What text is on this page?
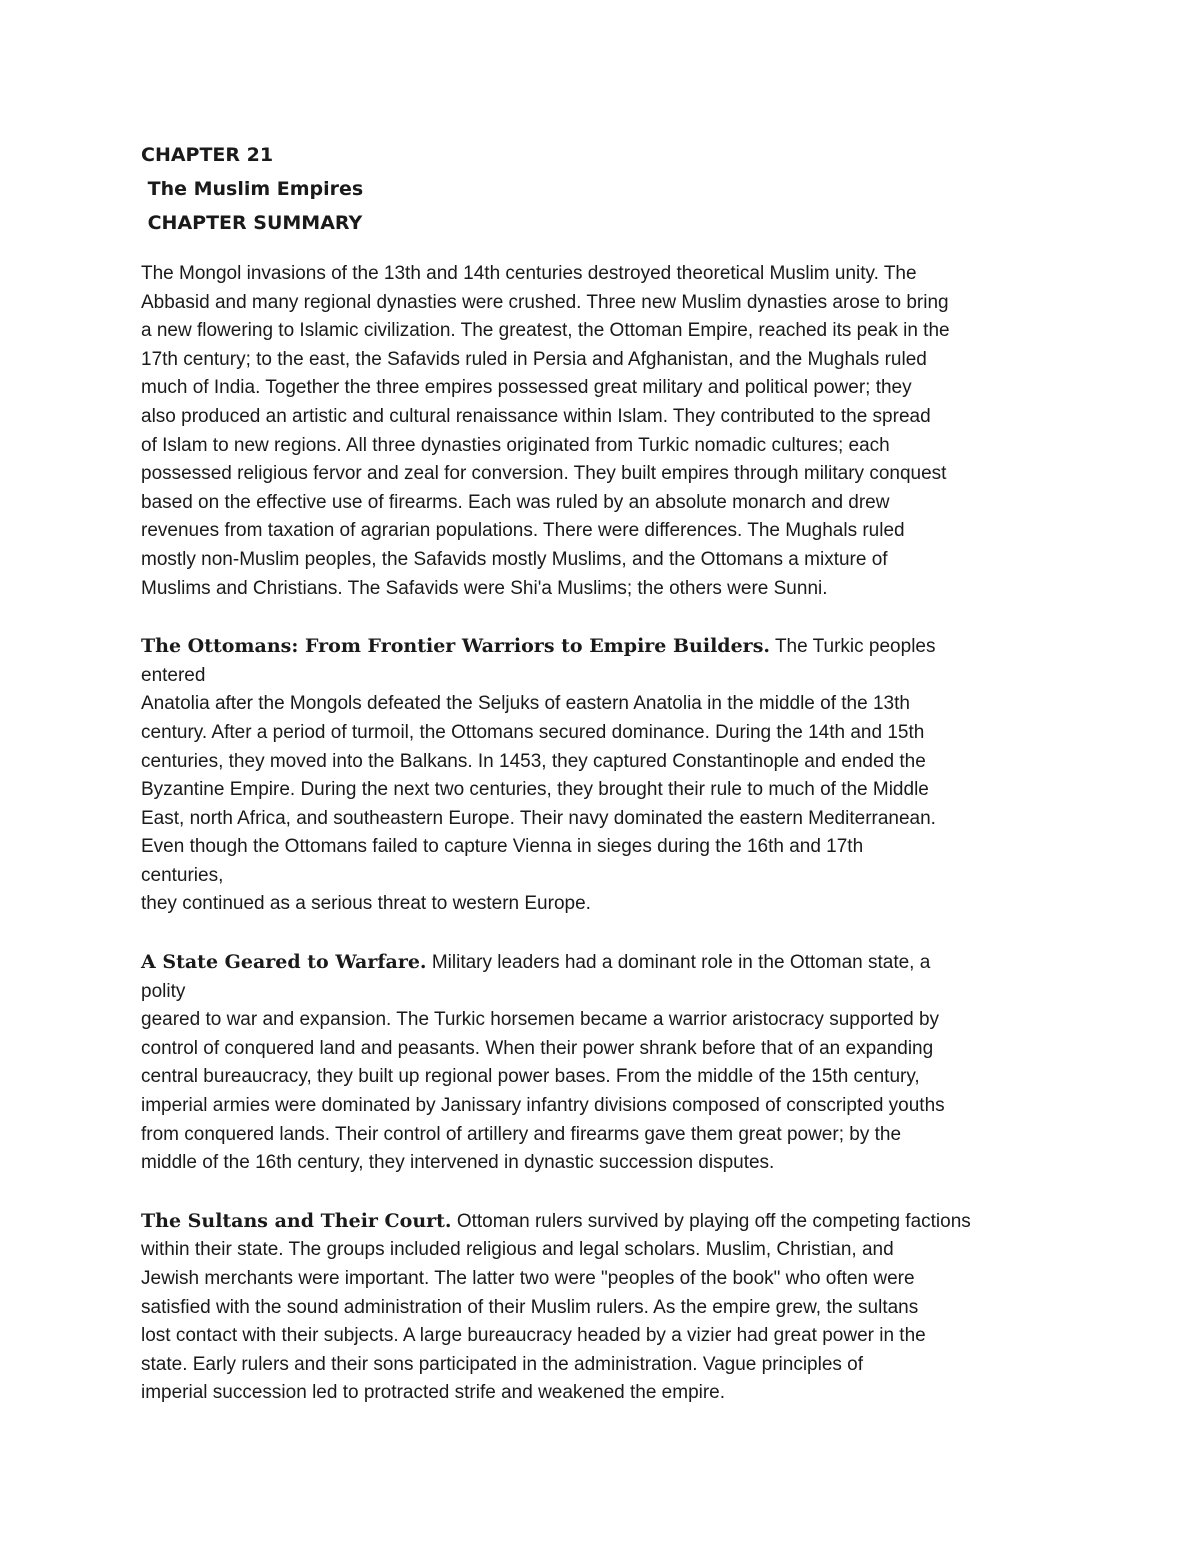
CHAPTER 21

The Muslim Empires

CHAPTER SUMMARY

The Mongol invasions of the 13th and 14th centuries destroyed theoretical Muslim unity. The
Abbasid and many regional dynasties were crushed. Three new Muslim dynasties arose to bring
a new flowering to Islamic civilization. The greatest, the Ottoman Empire, reached its peak in the
17th century; to the east, the Safavids ruled in Persia and Afghanistan, and the Mughals ruled
much of India. Together the three empires possessed great military and political power; they
also produced an artistic and cultural renaissance within Islam. They contributed to the spread
of Islam to new regions. All three dynasties originated from Turkic nomadic cultures; each
possessed religious fervor and zeal for conversion. They built empires through military conquest
based on the effective use of firearms. Each was ruled by an absolute monarch and drew
revenues from taxation of agrarian populations. There were differences. The Mughals ruled
mostly non-Muslim peoples, the Safavids mostly Muslims, and the Ottomans a mixture of
Muslims and Christians. The Safavids were Shi'a Muslims; the others were Sunni.
The Ottomans: From Frontier Warriors to Empire Builders. The Turkic peoples
entered
Anatolia after the Mongols defeated the Seljuks of eastern Anatolia in the middle of the 13th
century. After a period of turmoil, the Ottomans secured dominance. During the 14th and 15th
centuries, they moved into the Balkans. In 1453, they captured Constantinople and ended the
Byzantine Empire. During the next two centuries, they brought their rule to much of the Middle
East, north Africa, and southeastern Europe. Their navy dominated the eastern Mediterranean.
Even though the Ottomans failed to capture Vienna in sieges during the 16th and 17th
centuries,
they continued as a serious threat to western Europe.
A State Geared to Warfare. Military leaders had a dominant role in the Ottoman state, a
polity
geared to war and expansion. The Turkic horsemen became a warrior aristocracy supported by
control of conquered land and peasants. When their power shrank before that of an expanding
central bureaucracy, they built up regional power bases. From the middle of the 15th century,
imperial armies were dominated by Janissary infantry divisions composed of conscripted youths
from conquered lands. Their control of artillery and firearms gave them great power; by the
middle of the 16th century, they intervened in dynastic succession disputes.
The Sultans and Their Court. Ottoman rulers survived by playing off the competing factions
within their state. The groups included religious and legal scholars. Muslim, Christian, and
Jewish merchants were important. The latter two were "peoples of the book" who often were
satisfied with the sound administration of their Muslim rulers. As the empire grew, the sultans
lost contact with their subjects. A large bureaucracy headed by a vizier had great power in the
state. Early rulers and their sons participated in the administration. Vague principles of
imperial succession led to protracted strife and weakened the empire.
